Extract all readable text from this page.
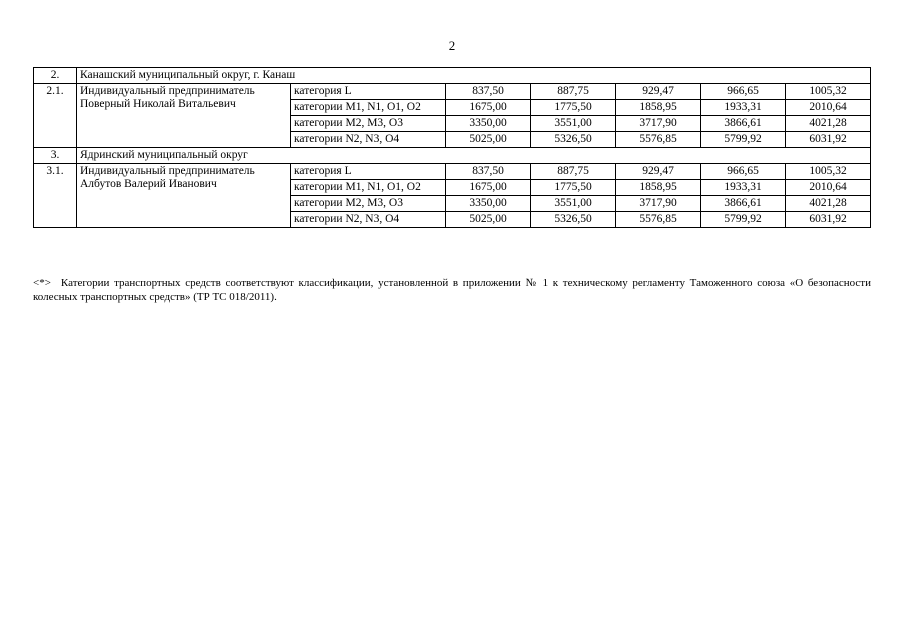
2
2.	Канашский муниципальный округ, г. Канаш						
2.1.	Индивидуальный предприниматель Поверный Николай Витальевич	категория L	837,50	887,75	929,47	966,65	1005,32
		категории M1, N1, O1, O2	1675,00	1775,50	1858,95	1933,31	2010,64
		категории M2, M3, O3	3350,00	3551,00	3717,90	3866,61	4021,28
		категории N2, N3, O4	5025,00	5326,50	5576,85	5799,92	6031,92
3.	Ядринский муниципальный округ						
3.1.	Индивидуальный предприниматель Албутов Валерий Иванович	категория L	837,50	887,75	929,47	966,65	1005,32
		категории M1, N1, O1, O2	1675,00	1775,50	1858,95	1933,31	2010,64
		категории M2, M3, O3	3350,00	3551,00	3717,90	3866,61	4021,28
		категории N2, N3, O4	5025,00	5326,50	5576,85	5799,92	6031,92
<*> Категории транспортных средств соответствуют классификации, установленной в приложении № 1 к техническому регламенту Таможенного союза «О безопасности колесных транспортных средств» (ТР ТС 018/2011).
